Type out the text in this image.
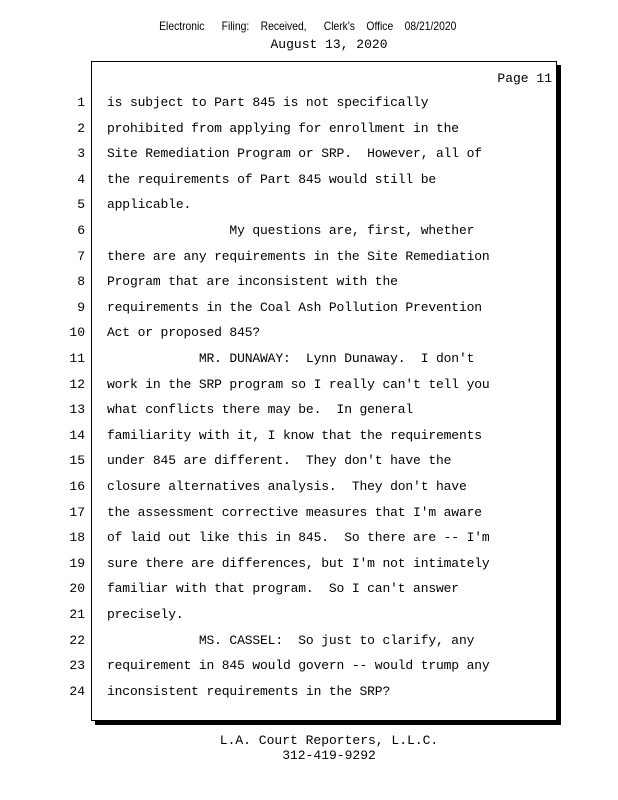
Electronic      Filing:    Received,      Clerk's    Office    08/21/2020
August 13, 2020
Page 11
1
2
3
4
5
6
7
8
9
10
11
12
13
14
15
16
17
18
19
20
21
22
23
24
is subject to Part 845 is not specifically
prohibited from applying for enrollment in the
Site Remediation Program or SRP.  However, all of
the requirements of Part 845 would still be
applicable.
My questions are, first, whether
there are any requirements in the Site Remediation
Program that are inconsistent with the
requirements in the Coal Ash Pollution Prevention
Act or proposed 845?
MR. DUNAWAY:  Lynn Dunaway.  I don't
work in the SRP program so I really can't tell you
what conflicts there may be.  In general
familiarity with it, I know that the requirements
under 845 are different.  They don't have the
closure alternatives analysis.  They don't have
the assessment corrective measures that I'm aware
of laid out like this in 845.  So there are -- I'm
sure there are differences, but I'm not intimately
familiar with that program.  So I can't answer
precisely.
MS. CASSEL:  So just to clarify, any
requirement in 845 would govern -- would trump any
inconsistent requirements in the SRP?
L.A. Court Reporters, L.L.C.
312-419-9292
